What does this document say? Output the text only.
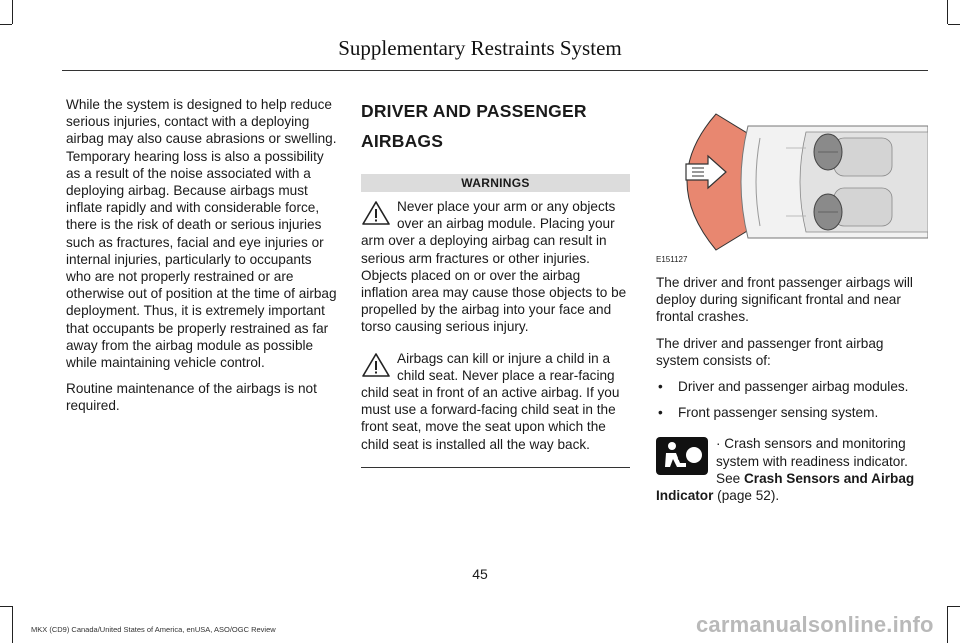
Supplementary Restraints System

While the system is designed to help reduce serious injuries, contact with a deploying airbag may also cause abrasions or swelling. Temporary hearing loss is also a possibility as a result of the noise associated with a deploying airbag. Because airbags must inflate rapidly and with considerable force, there is the risk of death or serious injuries such as fractures, facial and eye injuries or internal injuries, particularly to occupants who are not properly restrained or are otherwise out of position at the time of airbag deployment. Thus, it is extremely important that occupants be properly restrained as far away from the airbag module as possible while maintaining vehicle control.

Routine maintenance of the airbags is not required.

DRIVER AND PASSENGER
AIRBAGS
WARNINGS
Never place your arm or any objects over an airbag module. Placing your arm over a deploying airbag can result in serious arm fractures or other injuries. Objects placed on or over the airbag inflation area may cause those objects to be propelled by the airbag into your face and torso causing serious injury.
Airbags can kill or injure a child in a child seat. Never place a rear-facing child seat in front of an active airbag. If you must use a forward-facing child seat in the front seat, move the seat upon which the child seat is installed all the way back.
E151127

The driver and front passenger airbags will deploy during significant frontal and near frontal crashes.

The driver and passenger front airbag system consists of:

• Driver and passenger airbag modules.
• Front passenger sensing system.
· Crash sensors and monitoring system with readiness indicator. See Crash Sensors and Airbag Indicator (page 52).
45
MKX (CD9) Canada/United States of America, enUSA, ASO/OGC Review	carmanualsonline.info
